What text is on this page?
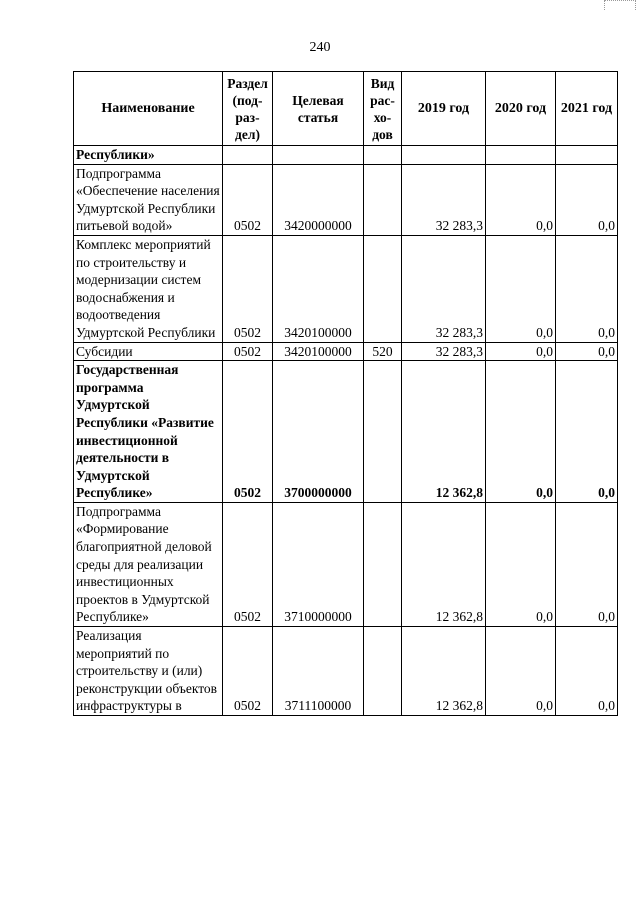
240
Наименование	Раздел (под- раз- дел)	Целевая статья	Вид рас- хо- дов	2019 год	2020 год	2021 год
Республики»						
Подпрограмма «Обеспечение населения Удмуртской Республики питьевой водой»	0502	3420000000		32 283,3	0,0	0,0
Комплекс мероприятий по строительству и модернизации систем водоснабжения и водоотведения Удмуртской Республики	0502	3420100000		32 283,3	0,0	0,0
Субсидии	0502	3420100000	520	32 283,3	0,0	0,0
Государственная программа Удмуртской Республики «Развитие инвестиционной деятельности в Удмуртской Республике»	0502	3700000000		12 362,8	0,0	0,0
Подпрограмма «Формирование благоприятной деловой среды для реализации инвестиционных проектов в Удмуртской Республике»	0502	3710000000		12 362,8	0,0	0,0
Реализация мероприятий по строительству и (или) реконструкции объектов инфраструктуры в	0502	3711100000		12 362,8	0,0	0,0
